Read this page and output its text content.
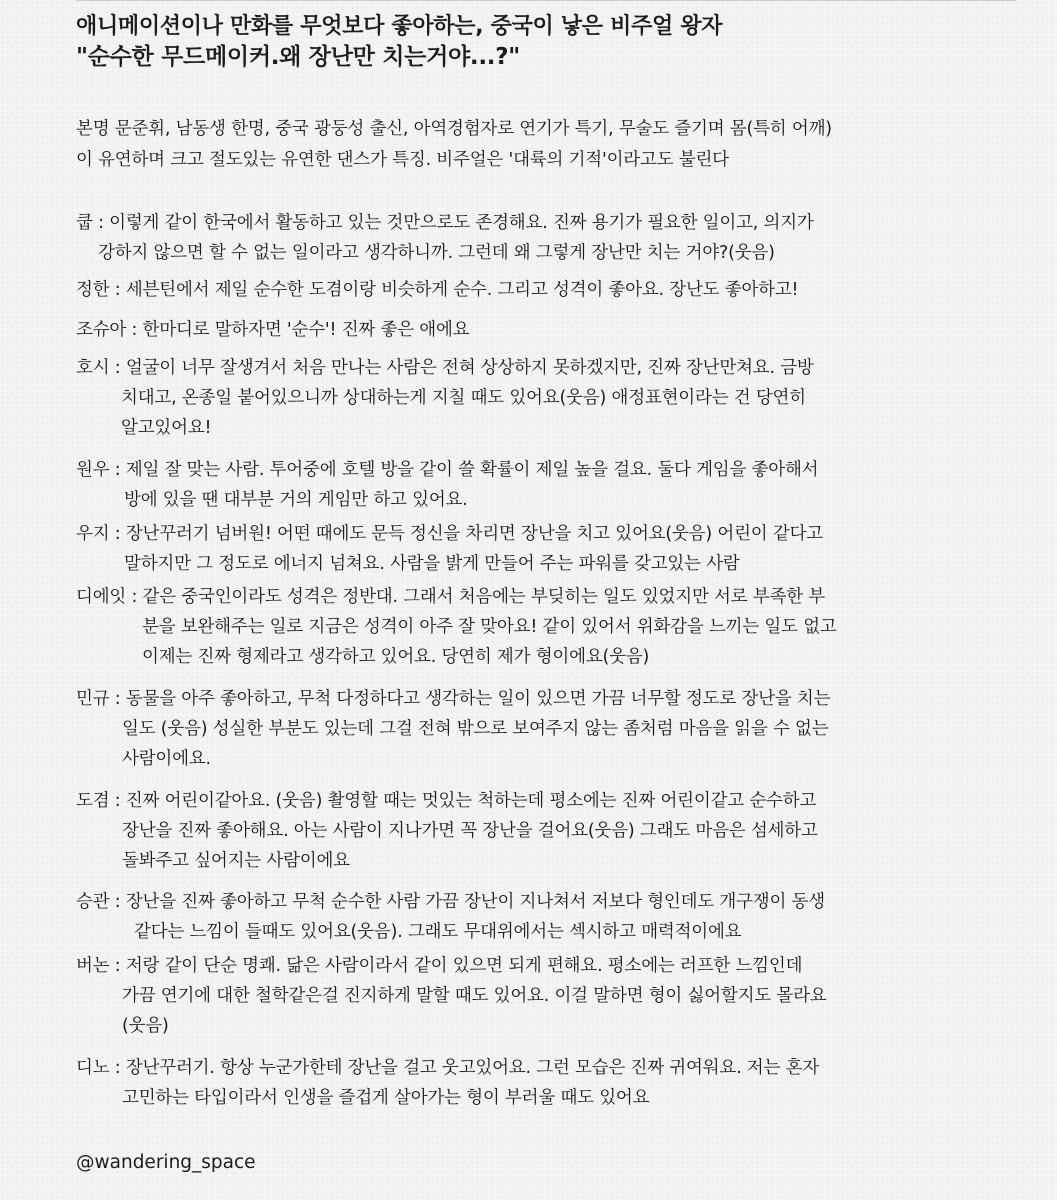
애니메이션이나 만화를 무엇보다 좋아하는, 중국이 낳은 비주얼 왕자
"순수한 무드메이커.왜 장난만 치는거야...?"

본명 문준휘, 남동생 한명, 중국 광둥성 출신, 아역경험자로 연기가 특기, 무술도 즐기며 몸(특히 어깨)
이 유연하며 크고 절도있는 유연한 댄스가 특징. 비주얼은 '대륙의 기적'이라고도 불린다

쿱 : 이렇게 같이 한국에서 활동하고 있는 것만으로도 존경해요. 진짜 용기가 필요한 일이고, 의지가
강하지 않으면 할 수 없는 일이라고 생각하니까. 그런데 왜 그렇게 장난만 치는 거야?(웃음)
정한 : 세븐틴에서 제일 순수한 도겸이랑 비슷하게 순수. 그리고 성격이 좋아요. 장난도 좋아하고!
조슈아 : 한마디로 말하자면 '순수'! 진짜 좋은 애에요
호시 : 얼굴이 너무 잘생겨서 처음 만나는 사람은 전혀 상상하지 못하겠지만, 진짜 장난만쳐요. 금방
치대고, 온종일 붙어있으니까 상대하는게 지칠 때도 있어요(웃음) 애정표현이라는 건 당연히
알고있어요!
원우 : 제일 잘 맞는 사람. 투어중에 호텔 방을 같이 쓸 확률이 제일 높을 걸요. 둘다 게임을 좋아해서
방에 있을 땐 대부분 거의 게임만 하고 있어요.
우지 : 장난꾸러기 넘버원! 어떤 때에도 문득 정신을 차리면 장난을 치고 있어요(웃음) 어린이 같다고
말하지만 그 정도로 에너지 넘쳐요. 사람을 밝게 만들어 주는 파워를 갖고있는 사람
디에잇 : 같은 중국인이라도 성격은 정반대. 그래서 처음에는 부딪히는 일도 있었지만 서로 부족한 부
분을 보완해주는 일로 지금은 성격이 아주 잘 맞아요! 같이 있어서 위화감을 느끼는 일도 없고
이제는 진짜 형제라고 생각하고 있어요. 당연히 제가 형이에요(웃음)
민규 : 동물을 아주 좋아하고, 무척 다정하다고 생각하는 일이 있으면 가끔 너무할 정도로 장난을 치는
일도 (웃음) 성실한 부분도 있는데 그걸 전혀 밖으로 보여주지 않는 좀처럼 마음을 읽을 수 없는
사람이에요.
도겸 : 진짜 어린이같아요. (웃음) 촬영할 때는 멋있는 척하는데 평소에는 진짜 어린이같고 순수하고
장난을 진짜 좋아해요. 아는 사람이 지나가면 꼭 장난을 걸어요(웃음) 그래도 마음은 섬세하고
돌봐주고 싶어지는 사람이에요
승관 : 장난을 진짜 좋아하고 무척 순수한 사람 가끔 장난이 지나쳐서 저보다 형인데도 개구쟁이 동생
같다는 느낌이 들때도 있어요(웃음). 그래도 무대위에서는 섹시하고 매력적이에요
버논 : 저랑 같이 단순 명쾌. 닮은 사람이라서 같이 있으면 되게 편해요. 평소에는 러프한 느낌인데
가끔 연기에 대한 철학같은걸 진지하게 말할 때도 있어요. 이걸 말하면 형이 싫어할지도 몰라요
(웃음)
디노 : 장난꾸러기. 항상 누군가한테 장난을 걸고 웃고있어요. 그런 모습은 진짜 귀여워요. 저는 혼자
고민하는 타입이라서 인생을 즐겁게 살아가는 형이 부러울 때도 있어요

@wandering_space
